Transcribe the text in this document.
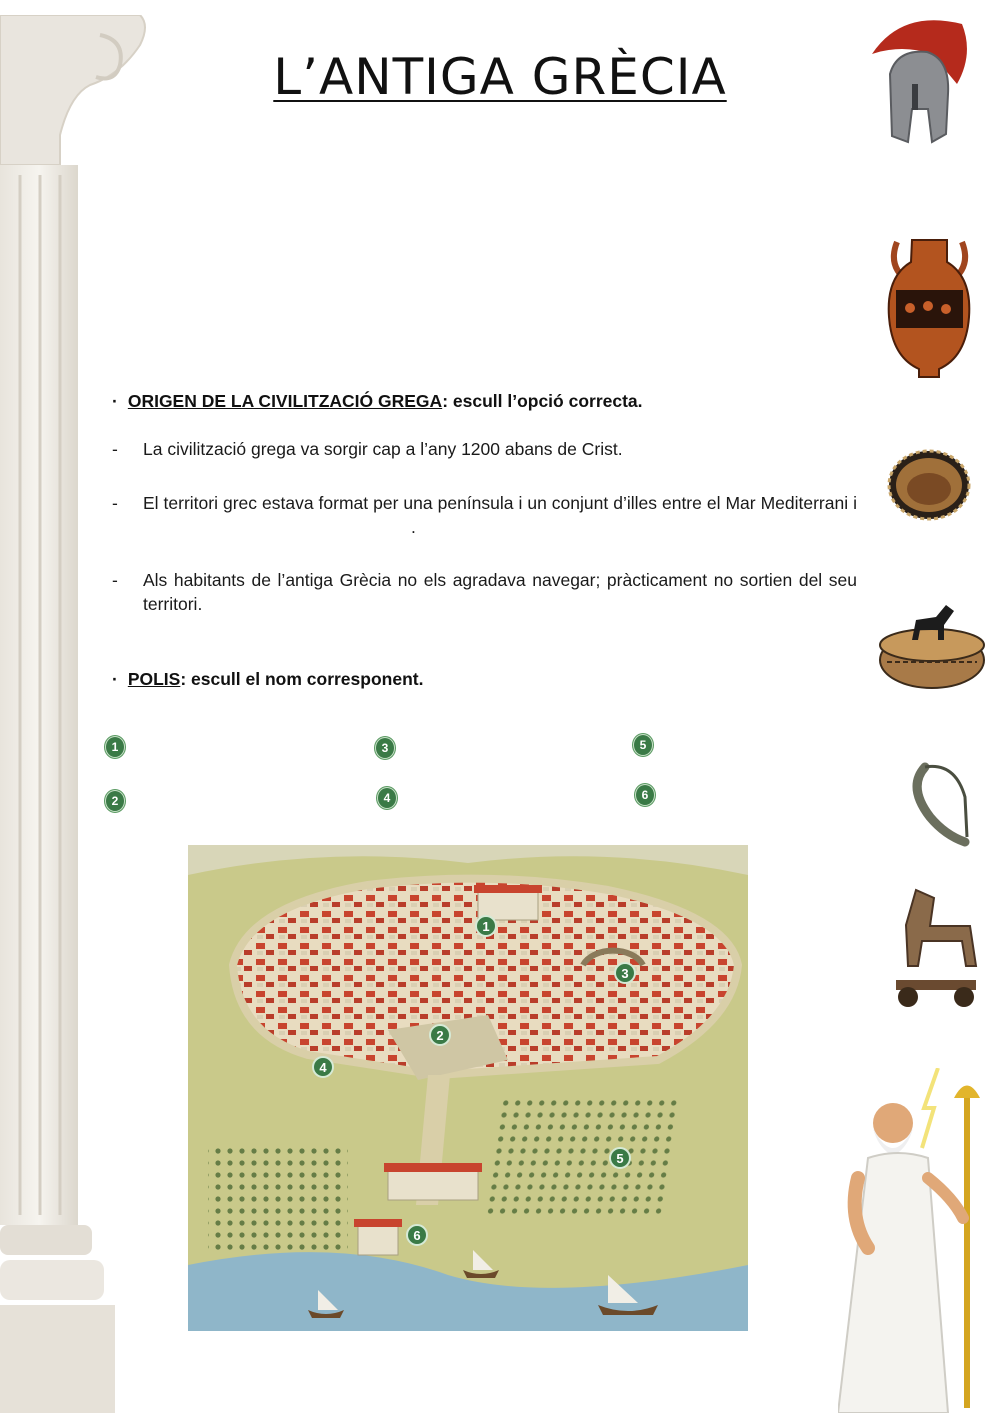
L’ANTIGA GRÈCIA
· ORIGEN DE LA CIVILITZACIÓ GREGA: escull l’opció correcta.
- La civilització grega va sorgir cap a l’any 1200 abans de Crist.
- El territori grec estava format per una península i un conjunt d’illes entre el Mar Mediterrani i .
- Als habitants de l’antiga Grècia no els agradava navegar; pràcticament no sortien del seu territori.
· POLIS: escull el nom corresponent.
1
2
3
4
5
6
1
2
3
4
5
6
